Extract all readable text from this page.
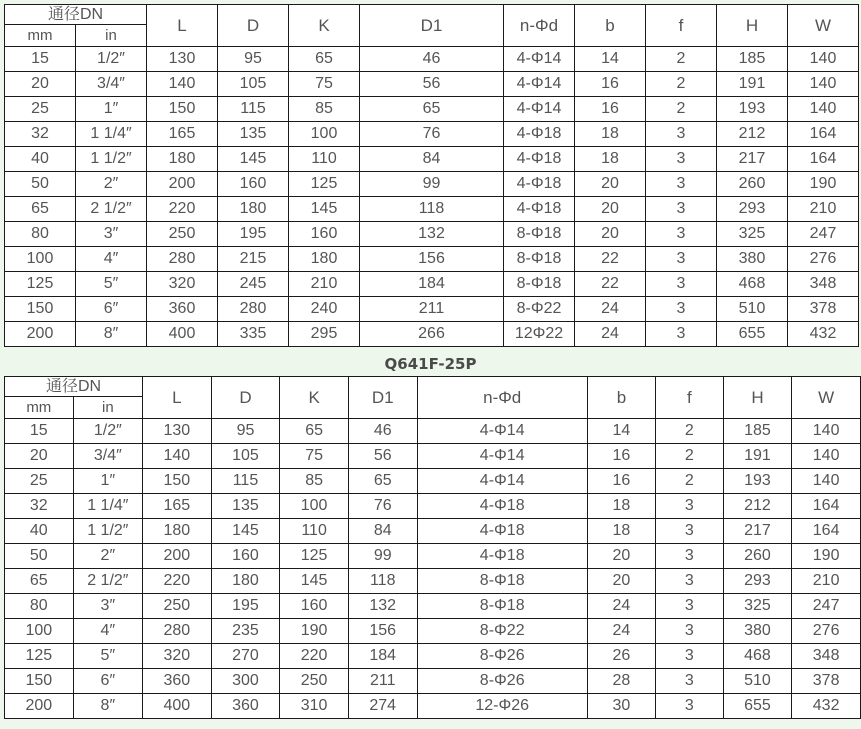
通径DN		L	D	K	D1	n-Φd	b	f	H	W
mm	in									
15	1/2″	130	95	65	46	4-Φ14	14	2	185	140
20	3/4″	140	105	75	56	4-Φ14	16	2	191	140
25	1″	150	115	85	65	4-Φ14	16	2	193	140
32	1 1/4″	165	135	100	76	4-Φ18	18	3	212	164
40	1 1/2″	180	145	110	84	4-Φ18	18	3	217	164
50	2″	200	160	125	99	4-Φ18	20	3	260	190
65	2 1/2″	220	180	145	118	4-Φ18	20	3	293	210
80	3″	250	195	160	132	8-Φ18	20	3	325	247
100	4″	280	215	180	156	8-Φ18	22	3	380	276
125	5″	320	245	210	184	8-Φ18	22	3	468	348
150	6″	360	280	240	211	8-Φ22	24	3	510	378
200	8″	400	335	295	266	12Φ22	24	3	655	432
Q641F-25P
通径DN		L	D	K	D1	n-Φd	b	f	H	W
mm	in									
15	1/2″	130	95	65	46	4-Φ14	14	2	185	140
20	3/4″	140	105	75	56	4-Φ14	16	2	191	140
25	1″	150	115	85	65	4-Φ14	16	2	193	140
32	1 1/4″	165	135	100	76	4-Φ18	18	3	212	164
40	1 1/2″	180	145	110	84	4-Φ18	18	3	217	164
50	2″	200	160	125	99	4-Φ18	20	3	260	190
65	2 1/2″	220	180	145	118	8-Φ18	20	3	293	210
80	3″	250	195	160	132	8-Φ18	24	3	325	247
100	4″	280	235	190	156	8-Φ22	24	3	380	276
125	5″	320	270	220	184	8-Φ26	26	3	468	348
150	6″	360	300	250	211	8-Φ26	28	3	510	378
200	8″	400	360	310	274	12-Φ26	30	3	655	432
